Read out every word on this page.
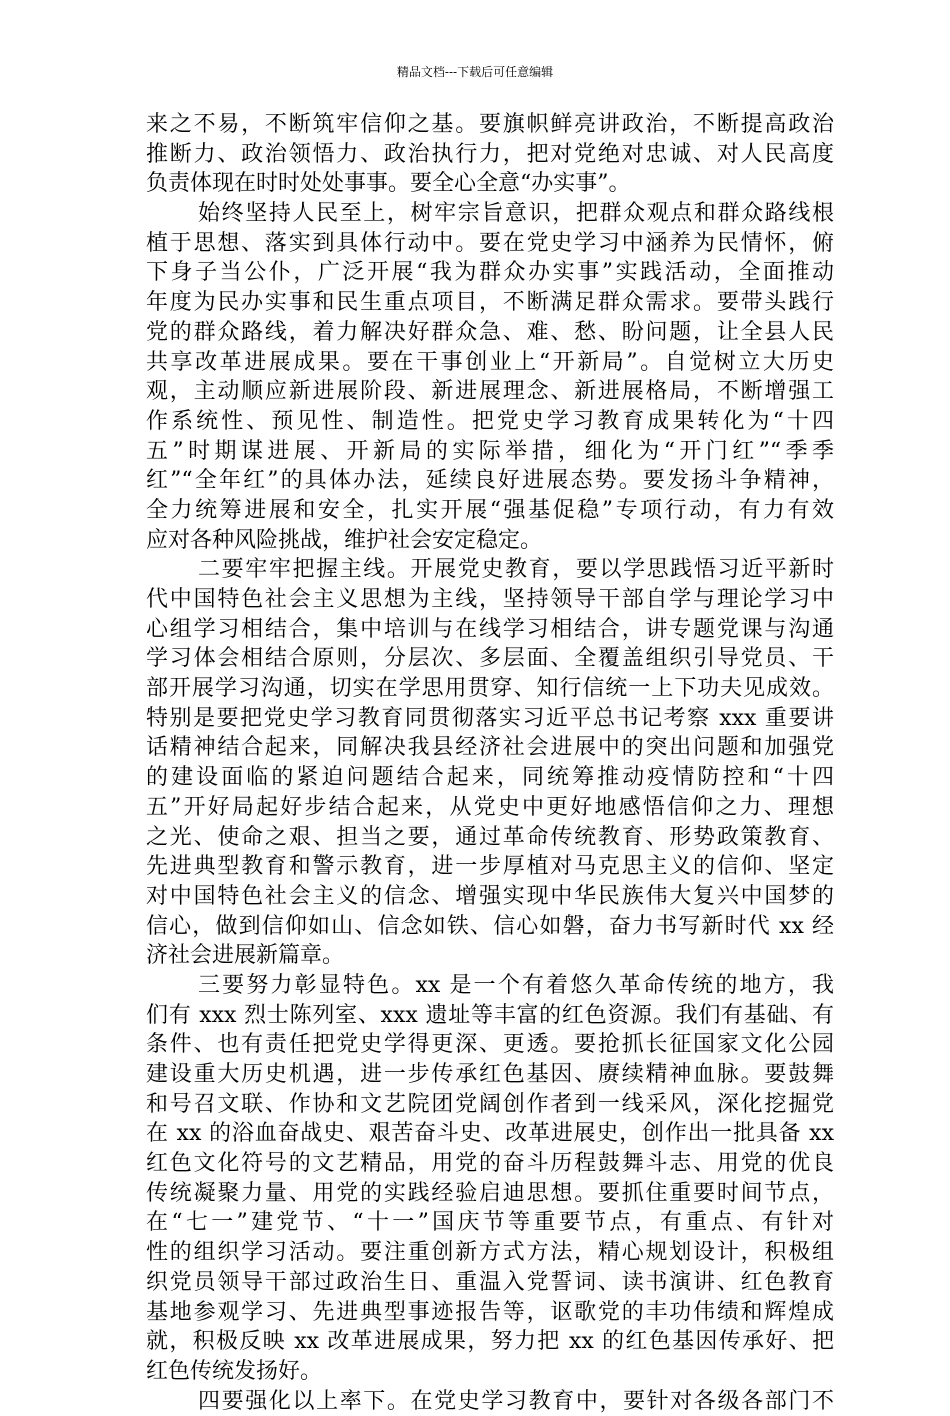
精品文档---下载后可任意编辑
来之不易，不断筑牢信仰之基。要旗帜鲜亮讲政治，不断提高政治
推断力、政治领悟力、政治执行力，把对党绝对忠诚、对人民高度
负责体现在时时处处事事。要全心全意“办实事”。
始终坚持人民至上，树牢宗旨意识，把群众观点和群众路线根
植于思想、落实到具体行动中。要在党史学习中涵养为民情怀，俯
下身子当公仆，广泛开展“我为群众办实事”实践活动，全面推动
年度为民办实事和民生重点项目，不断满足群众需求。要带头践行
党的群众路线，着力解决好群众急、难、愁、盼问题，让全县人民
共享改革进展成果。要在干事创业上“开新局”。自觉树立大历史
观，主动顺应新进展阶段、新进展理念、新进展格局，不断增强工
作系统性、预见性、制造性。把党史学习教育成果转化为“十四
五”时期谋进展、开新局的实际举措，细化为“开门红”“季季
红”“全年红”的具体办法，延续良好进展态势。要发扬斗争精神，
全力统筹进展和安全，扎实开展“强基促稳”专项行动，有力有效
应对各种风险挑战，维护社会安定稳定。
二要牢牢把握主线。开展党史教育，要以学思践悟习近平新时
代中国特色社会主义思想为主线，坚持领导干部自学与理论学习中
心组学习相结合，集中培训与在线学习相结合，讲专题党课与沟通
学习体会相结合原则，分层次、多层面、全覆盖组织引导党员、干
部开展学习沟通，切实在学思用贯穿、知行信统一上下功夫见成效。
特别是要把党史学习教育同贯彻落实习近平总书记考察 xxx 重要讲
话精神结合起来，同解决我县经济社会进展中的突出问题和加强党
的建设面临的紧迫问题结合起来，同统筹推动疫情防控和“十四
五”开好局起好步结合起来，从党史中更好地感悟信仰之力、理想
之光、使命之艰、担当之要，通过革命传统教育、形势政策教育、
先进典型教育和警示教育，进一步厚植对马克思主义的信仰、坚定
对中国特色社会主义的信念、增强实现中华民族伟大复兴中国梦的
信心，做到信仰如山、信念如铁、信心如磐，奋力书写新时代 xx 经
济社会进展新篇章。
三要努力彰显特色。xx 是一个有着悠久革命传统的地方，我
们有 xxx 烈士陈列室、xxx 遗址等丰富的红色资源。我们有基础、有
条件、也有责任把党史学得更深、更透。要抢抓长征国家文化公园
建设重大历史机遇，进一步传承红色基因、赓续精神血脉。要鼓舞
和号召文联、作协和文艺院团党阔创作者到一线采风，深化挖掘党
在 xx 的浴血奋战史、艰苦奋斗史、改革进展史，创作出一批具备 xx
红色文化符号的文艺精品，用党的奋斗历程鼓舞斗志、用党的优良
传统凝聚力量、用党的实践经验启迪思想。要抓住重要时间节点，
在“七一”建党节、“十一”国庆节等重要节点，有重点、有针对
性的组织学习活动。要注重创新方式方法，精心规划设计，积极组
织党员领导干部过政治生日、重温入党誓词、读书演讲、红色教育
基地参观学习、先进典型事迹报告等，讴歌党的丰功伟绩和辉煌成
就，积极反映 xx 改革进展成果，努力把 xx 的红色基因传承好、把
红色传统发扬好。
四要强化以上率下。在党史学习教育中，要针对各级各部门不
